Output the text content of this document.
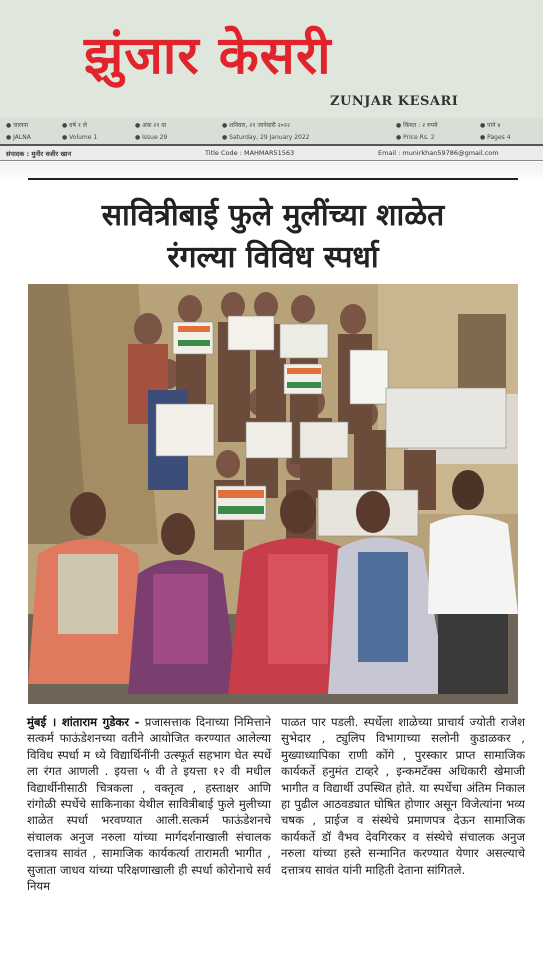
झुंजार केसरी
ZUNJAR KESARI
● जालना	● वर्ष १ ले	● अंक २९ वा	● शनिवार, २९ जानेवारी २०२२	● किंमत : २ रुपये	● पाने ४
● JALNA	● Volume 1	● Issue 29	● Saturday, 29 January 2022	● Price Rs. 2	● Pages 4
संपादक : मुनीर वजीर खान	Title Code : MAHMAR51563	Email : munirkhan59786@gmail.com
सावित्रीबाई फुले मुलींच्या शाळेत
रंगल्या विविध स्पर्धा
मुंबई । शांताराम गुडेकर - प्रजासत्ताक दिनाच्या निमित्ताने सत्कर्म फाऊंडेशनच्या वतीने आयोजित करण्यात आलेल्या विविध स्पर्धा म ध्ये विद्यार्थिनींनी उत्स्फूर्त सहभाग घेत स्पर्धे ला रंगत आणली . इयत्ता ५ वी ते इयत्ता १२ वी मधील विद्यार्थीनीसाठी चित्रकला , वक्तृत्व , हस्ताक्षर आणि रांगोळी स्पर्धेचे साकिनाका येथील सावित्रीबाई फुले मुलीच्या शाळेत स्पर्धा भरवण्यात आली.सत्कर्म फाऊंडेशनचे संचालक अनुज नरुला यांच्या मार्गदर्शनाखाली संचालक दत्तात्रय सावंत , सामाजिक कार्यकर्त्या तारामती भागीत , सुजाता जाधव यांच्या परिक्षणाखाली ही स्पर्धा कोरोनाचे सर्व नियम
पाळत पार पडली. स्पर्धेला शाळेच्या प्राचार्य ज्योती राजेश सुभेदार , ट्युलिप विभागाच्या सलोनी कुडाळकर , मुख्याध्यापिका राणी कोंगे , पुरस्कार प्राप्त सामाजिक कार्यकर्ते हनुमंत टाव्हरे , इन्कमटॅक्स अधिकारी खेमाजी भागीत व विद्यार्थी उपस्थित होते. या स्पर्धेचा अंतिम निकाल हा पुढील आठवड्यात घोषित होणार असून विजेत्यांना भव्य चषक , प्राईज व संस्थेचे प्रमाणपत्र देऊन सामाजिक कार्यकर्ते डॉ वैभव देवगिरकर व संस्थेचे संचालक अनुज नरुला यांच्या हस्ते सन्मानित करण्यात येणार असल्याचे दत्तात्रय सावंत यांनी माहिती देताना सांगितले.
